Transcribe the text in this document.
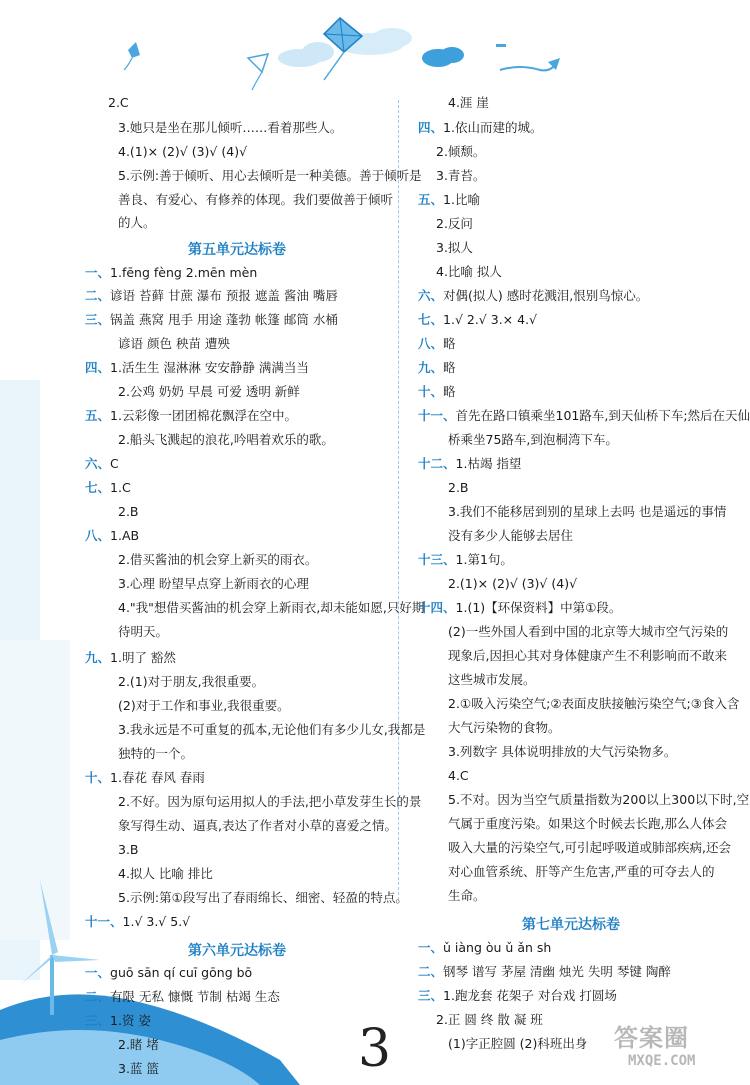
2.C
3.她只是坐在那儿倾听……看着那些人。
4.(1)× (2)√ (3)√ (4)√
5.示例:善于倾听、用心去倾听是一种美德。善于倾听是
善良、有爱心、有修养的体现。我们要做善于倾听
的人。
第五单元达标卷
一、1.fēng fèng 2.mēn mèn
二、谚语 苔藓 甘蔗 瀑布 预报 遮盖 酱油 嘴唇
三、锅盖 燕窝 甩手 用途 蓬勃 帐篷 邮筒 水桶
谚语 颜色 秧苗 遭殃
四、1.活生生 湿淋淋 安安静静 满满当当
2.公鸡 奶奶 早晨 可爱 透明 新鲜
五、1.云彩像一团团棉花飘浮在空中。
2.船头飞溅起的浪花,吟唱着欢乐的歌。
六、C
七、1.C
2.B
八、1.AB
2.借买酱油的机会穿上新买的雨衣。
3.心理 盼望早点穿上新雨衣的心理
4."我"想借买酱油的机会穿上新雨衣,却未能如愿,只好期
待明天。
九、1.明了 豁然
2.(1)对于朋友,我很重要。
(2)对于工作和事业,我很重要。
3.我永远是不可重复的孤本,无论他们有多少儿女,我都是
独特的一个。
十、1.春花 春风 春雨
2.不好。因为原句运用拟人的手法,把小草发芽生长的景
象写得生动、逼真,表达了作者对小草的喜爱之情。
3.B
4.拟人 比喻 排比
5.示例:第①段写出了春雨绵长、细密、轻盈的特点。
十一、1.√ 3.√ 5.√
第六单元达标卷
一、guō sān qí cuī gōng bō
二、有限 无私 慷慨 节制 枯竭 生态
三、1.资 姿
2.睹 堵
3.蓝 篮
4.涯 崖
四、1.依山而建的城。
2.倾颓。
3.青苔。
五、1.比喻
2.反问
3.拟人
4.比喻 拟人
六、对偶(拟人) 感时花溅泪,恨别鸟惊心。
七、1.√ 2.√ 3.× 4.√
八、略
九、略
十、略
十一、首先在路口镇乘坐101路车,到天仙桥下车;然后在天仙
桥乘坐75路车,到泡桐湾下车。
十二、1.枯竭 指望
2.B
3.我们不能移居到别的星球上去吗 也是遥远的事情
没有多少人能够去居住
十三、1.第1句。
2.(1)× (2)√ (3)√ (4)√
十四、1.(1)【环保资料】中第①段。
(2)一些外国人看到中国的北京等大城市空气污染的
现象后,因担心其对身体健康产生不利影响而不敢来
这些城市发展。
2.①吸入污染空气;②表面皮肤接触污染空气;③食入含
大气污染物的食物。
3.列数字 具体说明排放的大气污染物多。
4.C
5.不对。因为当空气质量指数为200以上300以下时,空
气属于重度污染。如果这个时候去长跑,那么人体会
吸入大量的污染空气,可引起呼吸道或肺部疾病,还会
对心血管系统、肝等产生危害,严重的可夺去人的
生命。
第七单元达标卷
一、ǔ iàng òu ǔ ǎn sh
二、钢琴 谱写 茅屋 清幽 烛光 失明 琴键 陶醉
三、1.跑龙套 花架子 对台戏 打圆场
2.正 圆 终 散 凝 班
(1)字正腔圆 (2)科班出身
3	答案圈
MXQE.COM
